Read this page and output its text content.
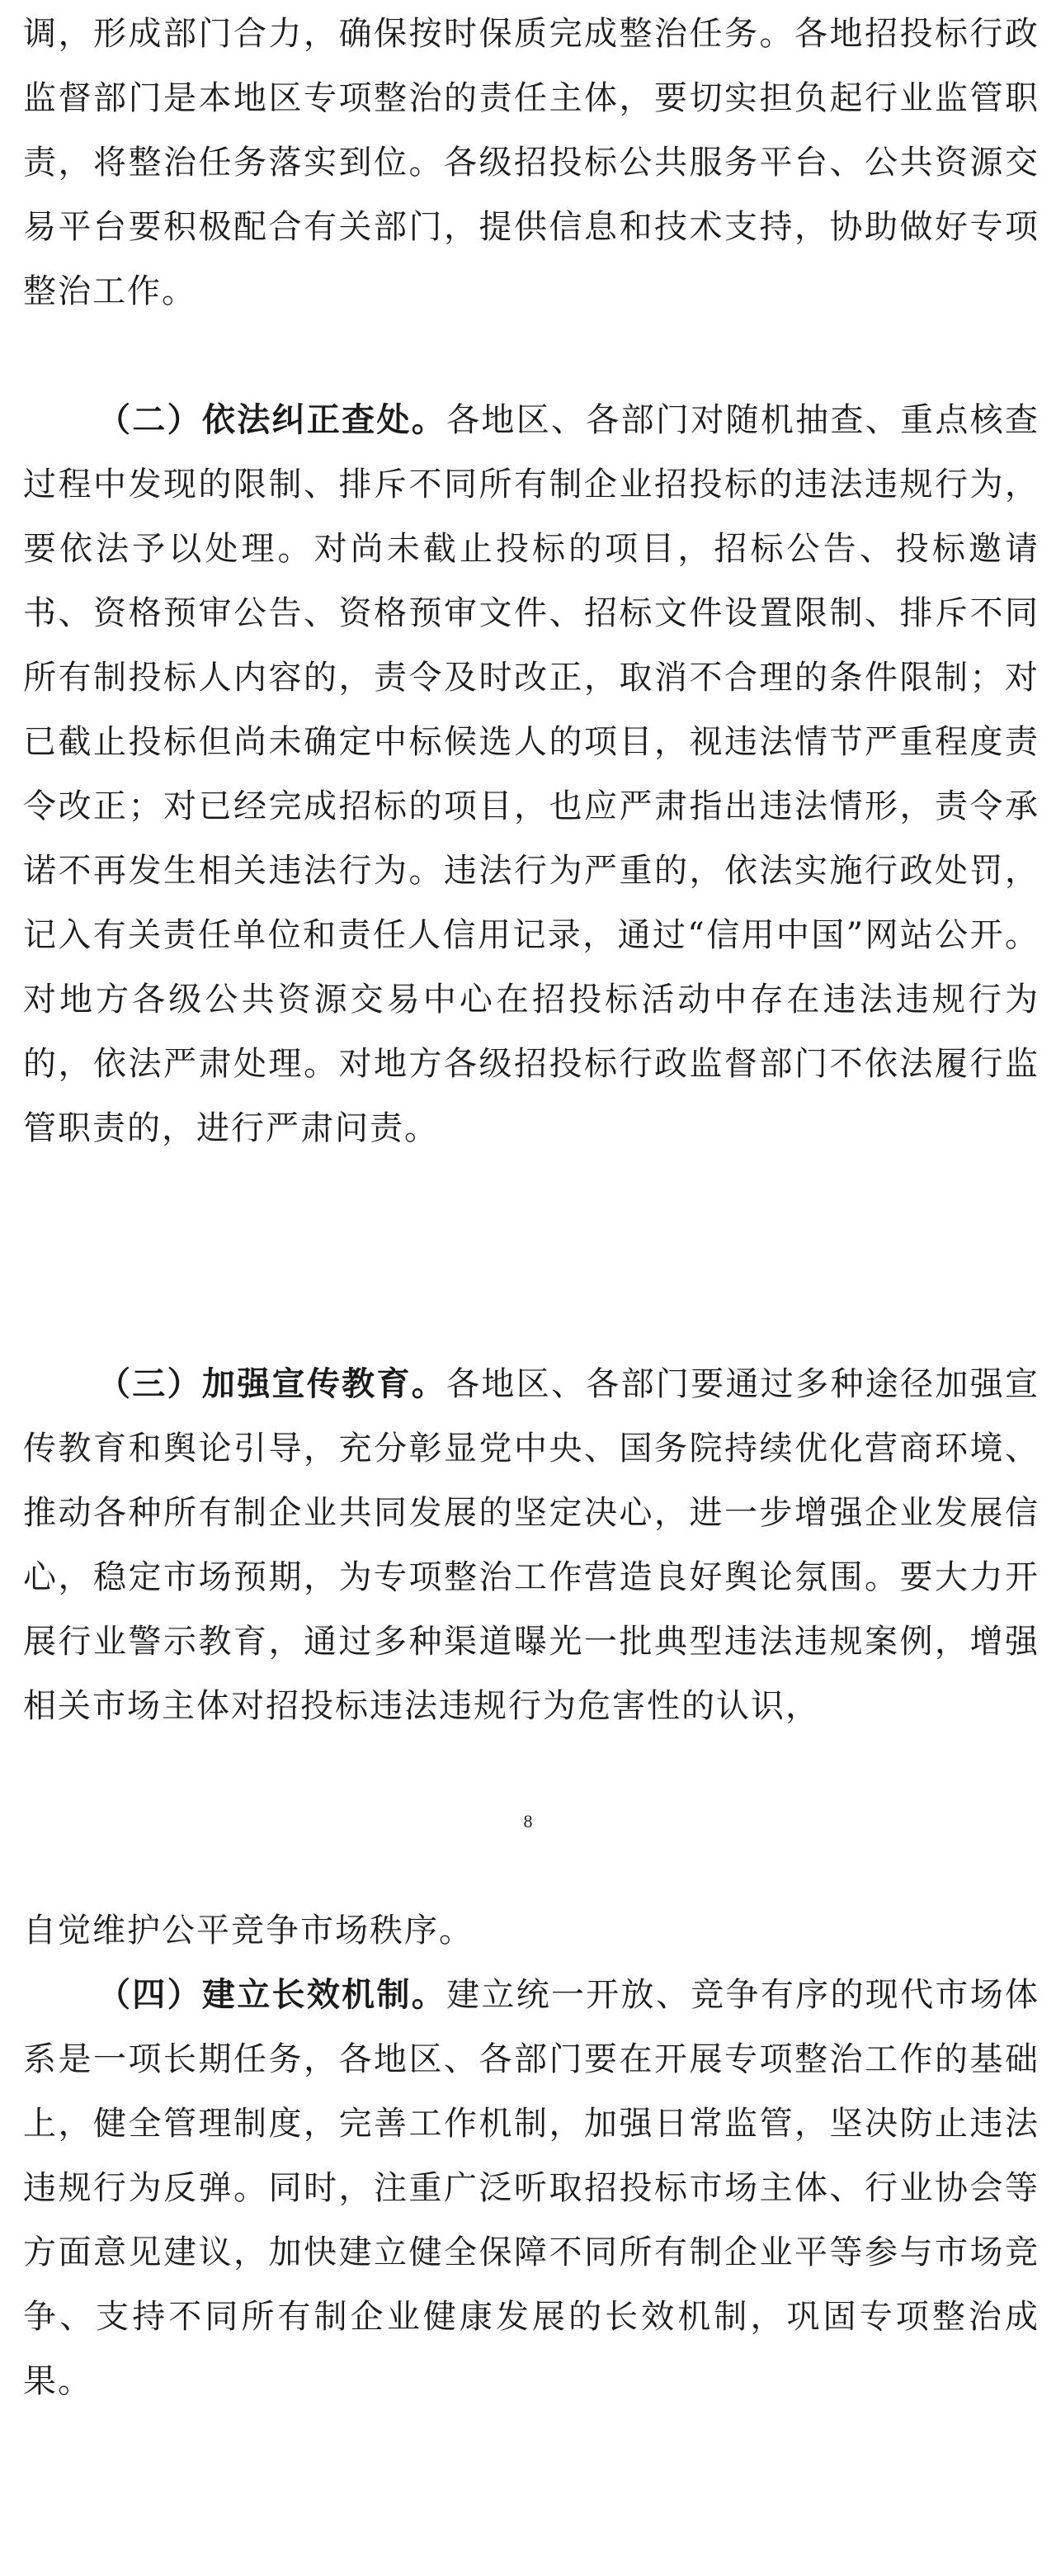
调，形成部门合力，确保按时保质完成整治任务。各地招投标行政监督部门是本地区专项整治的责任主体，要切实担负起行业监管职责，将整治任务落实到位。各级招投标公共服务平台、公共资源交易平台要积极配合有关部门，提供信息和技术支持，协助做好专项整治工作。

（二）依法纠正查处。各地区、各部门对随机抽查、重点核查过程中发现的限制、排斥不同所有制企业招投标的违法违规行为，要依法予以处理。对尚未截止投标的项目，招标公告、投标邀请书、资格预审公告、资格预审文件、招标文件设置限制、排斥不同所有制投标人内容的，责令及时改正，取消不合理的条件限制；对已截止投标但尚未确定中标候选人的项目，视违法情节严重程度责令改正；对已经完成招标的项目，也应严肃指出违法情形，责令承诺不再发生相关违法行为。违法行为严重的，依法实施行政处罚，记入有关责任单位和责任人信用记录，通过“信用中国”网站公开。对地方各级公共资源交易中心在招投标活动中存在违法违规行为的，依法严肃处理。对地方各级招投标行政监督部门不依法履行监管职责的，进行严肃问责。

（三）加强宣传教育。各地区、各部门要通过多种途径加强宣传教育和舆论引导，充分彰显党中央、国务院持续优化营商环境、推动各种所有制企业共同发展的坚定决心，进一步增强企业发展信心，稳定市场预期，为专项整治工作营造良好舆论氛围。要大力开展行业警示教育，通过多种渠道曝光一批典型违法违规案例，增强相关市场主体对招投标违法违规行为危害性的认识，

8

自觉维护公平竞争市场秩序。

（四）建立长效机制。建立统一开放、竞争有序的现代市场体系是一项长期任务，各地区、各部门要在开展专项整治工作的基础上，健全管理制度，完善工作机制，加强日常监管，坚决防止违法违规行为反弹。同时，注重广泛听取招投标市场主体、行业协会等方面意见建议，加快建立健全保障不同所有制企业平等参与市场竞争、支持不同所有制企业健康发展的长效机制，巩固专项整治成果。
